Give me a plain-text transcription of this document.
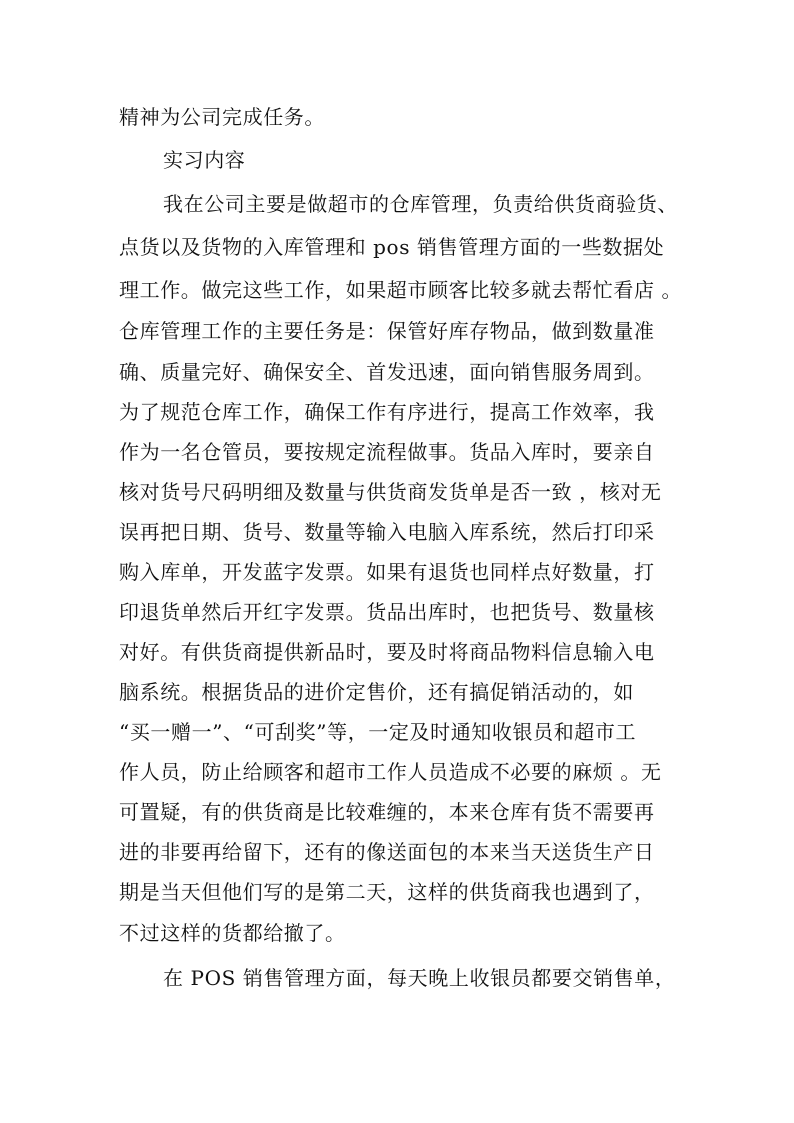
精神为公司完成任务。
实习内容
我在公司主要是做超市的仓库管理，负责给供货商验货、
点货以及货物的入库管理和 pos 销售管理方面的一些数据处
理工作。做完这些工作，如果超市顾客比较多就去帮忙看店 。
仓库管理工作的主要任务是：保管好库存物品，做到数量准
确、质量完好、确保安全、首发迅速，面向销售服务周到。
为了规范仓库工作，确保工作有序进行，提高工作效率，我
作为一名仓管员，要按规定流程做事。货品入库时，要亲自
核对货号尺码明细及数量与供货商发货单是否一致 ，核对无
误再把日期、货号、数量等输入电脑入库系统，然后打印采
购入库单，开发蓝字发票。如果有退货也同样点好数量，打
印退货单然后开红字发票。货品出库时，也把货号、数量核
对好。有供货商提供新品时，要及时将商品物料信息输入电
脑系统。根据货品的进价定售价，还有搞促销活动的，如
“买一赠一”、“可刮奖”等，一定及时通知收银员和超市工
作人员，防止给顾客和超市工作人员造成不必要的麻烦 。无
可置疑，有的供货商是比较难缠的，本来仓库有货不需要再
进的非要再给留下，还有的像送面包的本来当天送货生产日
期是当天但他们写的是第二天，这样的供货商我也遇到了，
不过这样的货都给撤了。
在 POS 销售管理方面，每天晚上收银员都要交销售单，
